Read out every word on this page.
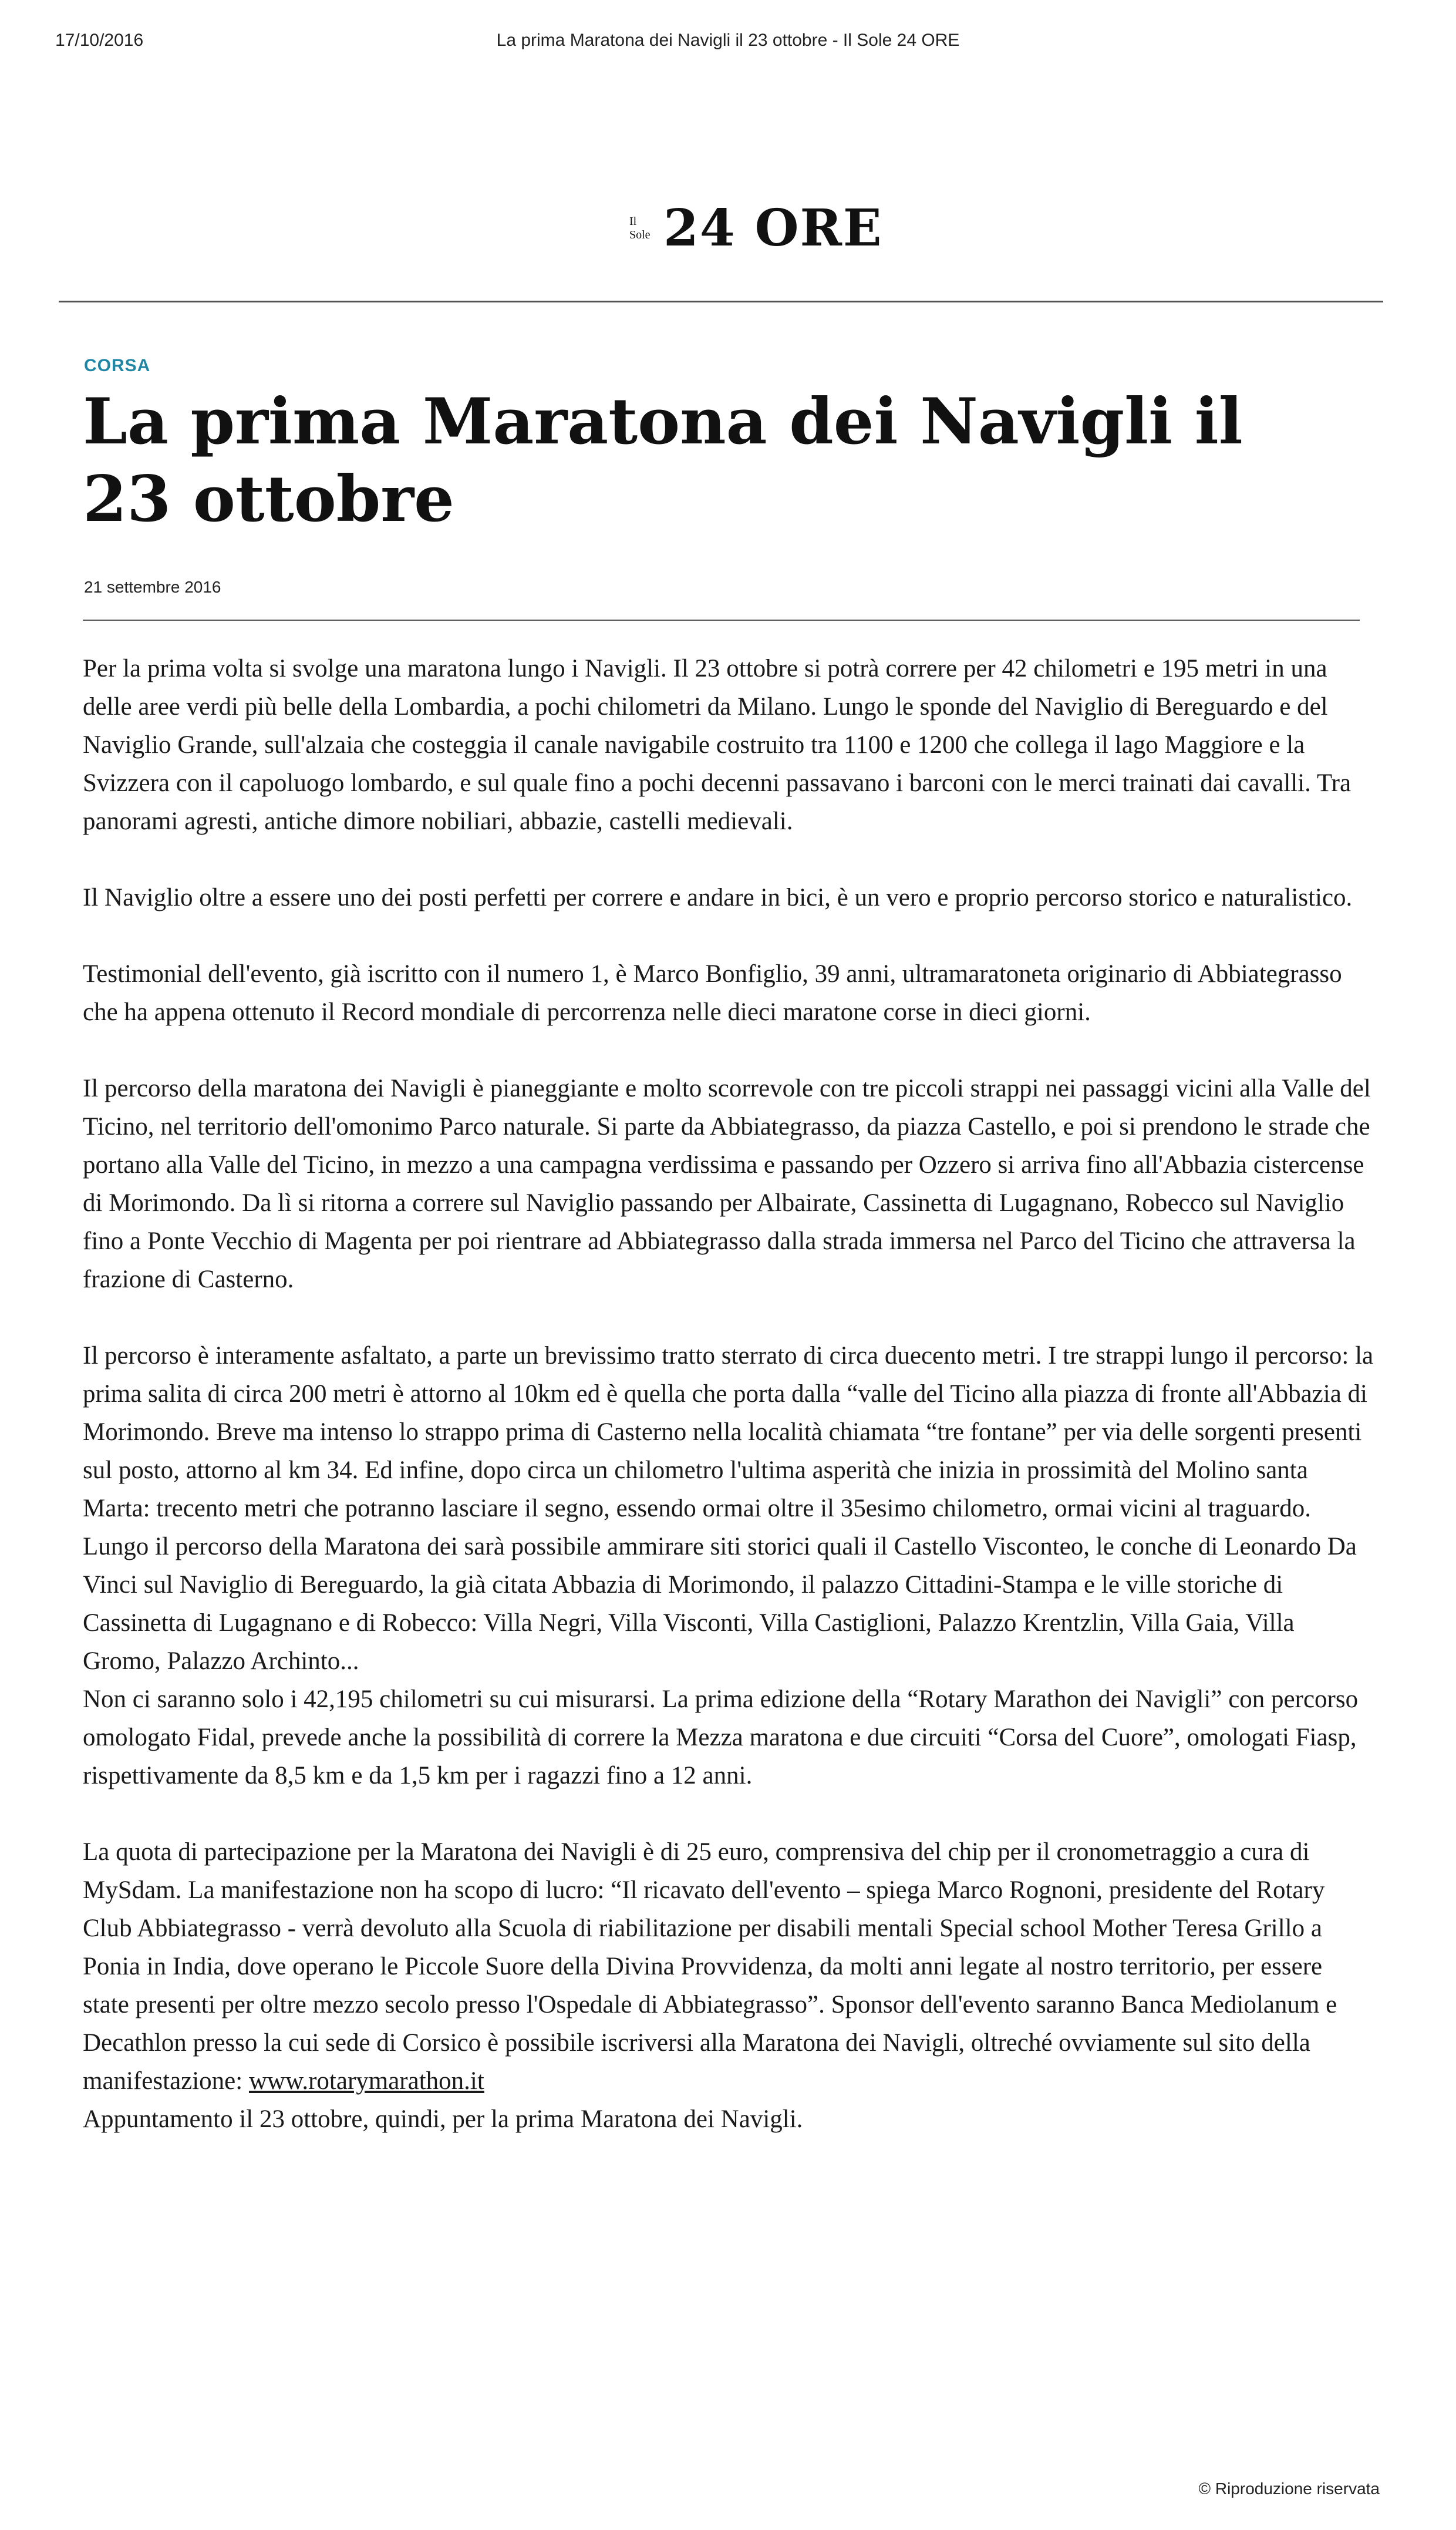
17/10/2016	La prima Maratona dei Navigli il 23 ottobre - Il Sole 24 ORE
Il Sole 24 ORE
CORSA
La prima Maratona dei Navigli il 23 ottobre
21 settembre 2016

Per la prima volta si svolge una maratona lungo i Navigli. Il 23 ottobre si potrà correre per 42 chilometri e 195 metri in una delle aree verdi più belle della Lombardia, a pochi chilometri da Milano. Lungo le sponde del Naviglio di Bereguardo e del Naviglio Grande, sull'alzaia che costeggia il canale navigabile costruito tra 1100 e 1200 che collega il lago Maggiore e la Svizzera con il capoluogo lombardo, e sul quale fino a pochi decenni passavano i barconi con le merci trainati dai cavalli. Tra panorami agresti, antiche dimore nobiliari, abbazie, castelli medievali.

Il Naviglio oltre a essere uno dei posti perfetti per correre e andare in bici, è un vero e proprio percorso storico e naturalistico.

Testimonial dell'evento, già iscritto con il numero 1, è Marco Bonfiglio, 39 anni, ultramaratoneta originario di Abbiategrasso che ha appena ottenuto il Record mondiale di percorrenza nelle dieci maratone corse in dieci giorni.

Il percorso della maratona dei Navigli è pianeggiante e molto scorrevole con tre piccoli strappi nei passaggi vicini alla Valle del Ticino, nel territorio dell'omonimo Parco naturale. Si parte da Abbiategrasso, da piazza Castello, e poi si prendono le strade che portano alla Valle del Ticino, in mezzo a una campagna verdissima e passando per Ozzero si arriva fino all'Abbazia cistercense di Morimondo. Da lì si ritorna a correre sul Naviglio passando per Albairate, Cassinetta di Lugagnano, Robecco sul Naviglio fino a Ponte Vecchio di Magenta per poi rientrare ad Abbiategrasso dalla strada immersa nel Parco del Ticino che attraversa la frazione di Casterno.

Il percorso è interamente asfaltato, a parte un brevissimo tratto sterrato di circa duecento metri. I tre strappi lungo il percorso: la prima salita di circa 200 metri è attorno al 10km ed è quella che porta dalla “valle del Ticino alla piazza di fronte all'Abbazia di Morimondo. Breve ma intenso lo strappo prima di Casterno nella località chiamata “tre fontane” per via delle sorgenti presenti sul posto, attorno al km 34. Ed infine, dopo circa un chilometro l'ultima asperità che inizia in prossimità del Molino santa Marta: trecento metri che potranno lasciare il segno, essendo ormai oltre il 35esimo chilometro, ormai vicini al traguardo.

Lungo il percorso della Maratona dei sarà possibile ammirare siti storici quali il Castello Visconteo, le conche di Leonardo Da Vinci sul Naviglio di Bereguardo, la già citata Abbazia di Morimondo, il palazzo Cittadini-Stampa e le ville storiche di Cassinetta di Lugagnano e di Robecco: Villa Negri, Villa Visconti, Villa Castiglioni, Palazzo Krentzlin, Villa Gaia, Villa Gromo, Palazzo Archinto...

Non ci saranno solo i 42,195 chilometri su cui misurarsi. La prima edizione della “Rotary Marathon dei Navigli” con percorso omologato Fidal, prevede anche la possibilità di correre la Mezza maratona e due circuiti “Corsa del Cuore”, omologati Fiasp, rispettivamente da 8,5 km e da 1,5 km per i ragazzi fino a 12 anni.

La quota di partecipazione per la Maratona dei Navigli è di 25 euro, comprensiva del chip per il cronometraggio a cura di MySdam. La manifestazione non ha scopo di lucro: “Il ricavato dell'evento – spiega Marco Rognoni, presidente del Rotary Club Abbiategrasso - verrà devoluto alla Scuola di riabilitazione per disabili mentali Special school Mother Teresa Grillo a Ponia in India, dove operano le Piccole Suore della Divina Provvidenza, da molti anni legate al nostro territorio, per essere state presenti per oltre mezzo secolo presso l'Ospedale di Abbiategrasso”. Sponsor dell'evento saranno Banca Mediolanum e Decathlon presso la cui sede di Corsico è possibile iscriversi alla Maratona dei Navigli, oltreché ovviamente sul sito della manifestazione: www.rotarymarathon.it

Appuntamento il 23 ottobre, quindi, per la prima Maratona dei Navigli.

© Riproduzione riservata
